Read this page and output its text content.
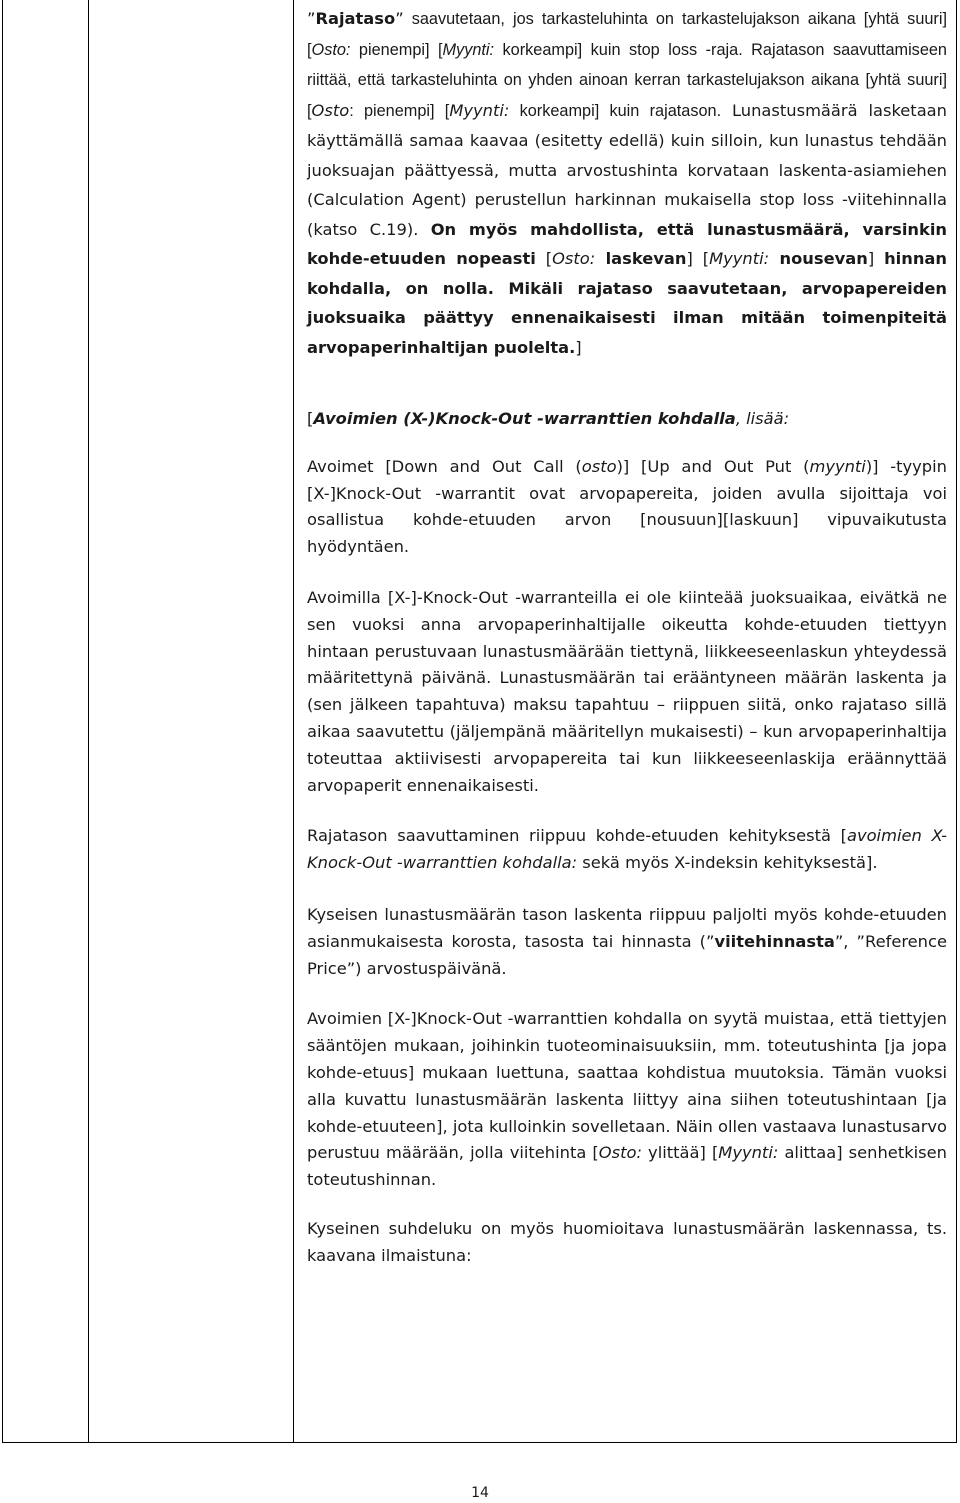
”Rajataso” saavutetaan, jos tarkasteluhinta on tarkastelujakson aikana [yhtä suuri] [Osto: pienempi] [Myynti: korkeampi] kuin stop loss -raja. Rajatason saavuttamiseen riittää, että tarkasteluhinta on yhden ainoan kerran tarkastelujakson aikana [yhtä suuri] [Osto: pienempi] [Myynti: korkeampi] kuin rajatason. Lunastusmäärä lasketaan käyttämällä samaa kaavaa (esitetty edellä) kuin silloin, kun lunastus tehdään juoksuajan päättyessä, mutta arvostushinta korvataan laskenta-asiamiehen (Calculation Agent) perustellun harkinnan mukaisella stop loss -viitehinnalla (katso C.19). On myös mahdollista, että lunastusmäärä, varsinkin kohde-etuuden nopeasti [Osto: laskevan] [Myynti: nousevan] hinnan kohdalla, on nolla. Mikäli rajataso saavutetaan, arvopapereiden juoksuaika päättyy ennenaikaisesti ilman mitään toimenpiteitä arvopaperinhaltijan puolelta.]

[Avoimien (X-)Knock-Out -warranttien kohdalla, lisää:

Avoimet [Down and Out Call (osto)] [Up and Out Put (myynti)] -tyypin [X-]Knock-Out -warrantit ovat arvopapereita, joiden avulla sijoittaja voi osallistua kohde-etuuden arvon [nousuun][laskuun] vipuvaikutusta hyödyntäen.

Avoimilla [X-]-Knock-Out -warranteilla ei ole kiinteää juoksuaikaa, eivätkä ne sen vuoksi anna arvopaperinhaltijalle oikeutta kohde-etuuden tiettyyn hintaan perustuvaan lunastusmäärään tiettynä, liikkeeseenlaskun yhteydessä määritettynä päivänä. Lunastusmäärän tai erääntyneen määrän laskenta ja (sen jälkeen tapahtuva) maksu tapahtuu – riippuen siitä, onko rajataso sillä aikaa saavutettu (jäljempänä määritellyn mukaisesti) – kun arvopaperinhaltija toteuttaa aktiivisesti arvopapereita tai kun liikkeeseenlaskija eräännyttää arvopaperit ennenaikaisesti.

Rajatason saavuttaminen riippuu kohde-etuuden kehityksestä [avoimien X-Knock-Out -warranttien kohdalla: sekä myös X-indeksin kehityksestä].

Kyseisen lunastusmäärän tason laskenta riippuu paljolti myös kohde-etuuden asianmukaisesta korosta, tasosta tai hinnasta (”viitehinnasta”, ”Reference Price”) arvostuspäivänä.

Avoimien [X-]Knock-Out -warranttien kohdalla on syytä muistaa, että tiettyjen sääntöjen mukaan, joihinkin tuoteominaisuuksiin, mm. toteutushinta [ja jopa kohde-etuus] mukaan luettuna, saattaa kohdistua muutoksia. Tämän vuoksi alla kuvattu lunastusmäärän laskenta liittyy aina siihen toteutushintaan [ja kohde-etuuteen], jota kulloinkin sovelletaan. Näin ollen vastaava lunastusarvo perustuu määrään, jolla viitehinta [Osto: ylittää] [Myynti: alittaa] senhetkisen toteutushinnan.

Kyseinen suhdeluku on myös huomioitava lunastusmäärän laskennassa, ts. kaavana ilmaistuna:

14
